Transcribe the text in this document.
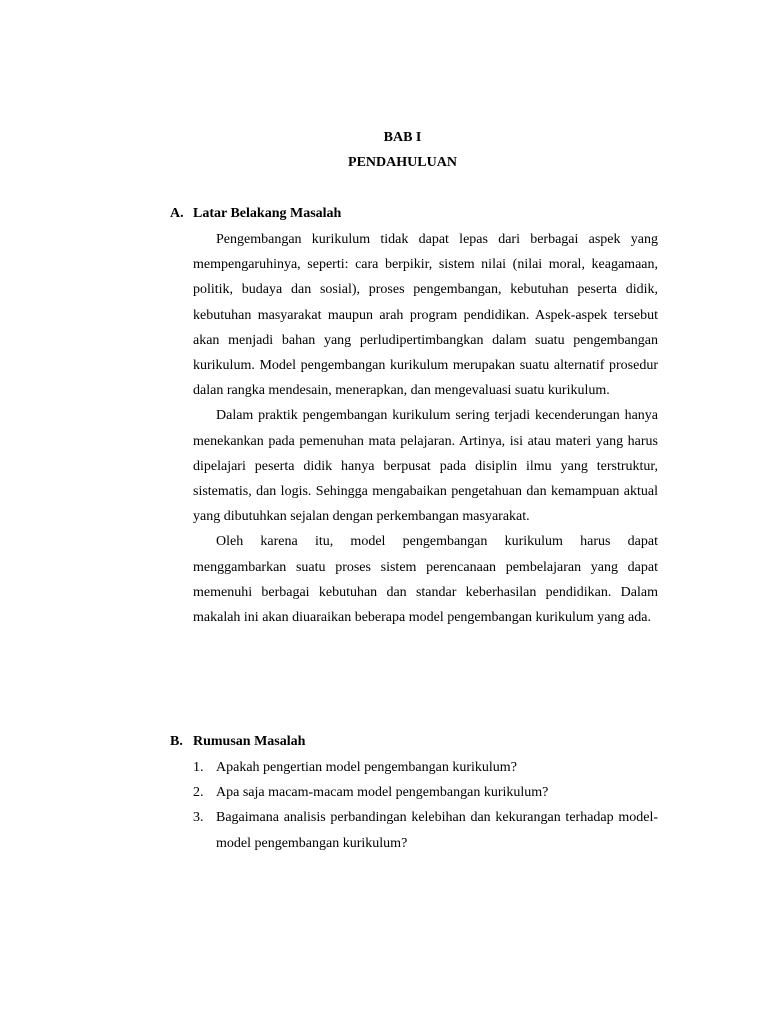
BAB I
PENDAHULUAN
A. Latar Belakang Masalah

Pengembangan kurikulum tidak dapat lepas dari berbagai aspek yang mempengaruhinya, seperti: cara berpikir, sistem nilai (nilai moral, keagamaan, politik, budaya dan sosial), proses pengembangan, kebutuhan peserta didik, kebutuhan masyarakat maupun arah program pendidikan. Aspek-aspek tersebut akan menjadi bahan yang perludipertimbangkan dalam suatu pengembangan kurikulum. Model pengembangan kurikulum merupakan suatu alternatif prosedur dalan rangka mendesain, menerapkan, dan mengevaluasi suatu kurikulum.

Dalam praktik pengembangan kurikulum sering terjadi kecenderungan hanya menekankan pada pemenuhan mata pelajaran. Artinya, isi atau materi yang harus dipelajari peserta didik hanya berpusat pada disiplin ilmu yang terstruktur, sistematis, dan logis. Sehingga mengabaikan pengetahuan dan kemampuan aktual yang dibutuhkan sejalan dengan perkembangan masyarakat.

Oleh karena itu, model pengembangan kurikulum harus dapat menggambarkan suatu proses sistem perencanaan pembelajaran yang dapat memenuhi berbagai kebutuhan dan standar keberhasilan pendidikan. Dalam makalah ini akan diuaraikan beberapa model pengembangan kurikulum yang ada.

B. Rumusan Masalah
1. Apakah pengertian model pengembangan kurikulum?
2. Apa saja macam-macam model pengembangan kurikulum?
3. Bagaimana analisis perbandingan kelebihan dan kekurangan terhadap model-model pengembangan kurikulum?
